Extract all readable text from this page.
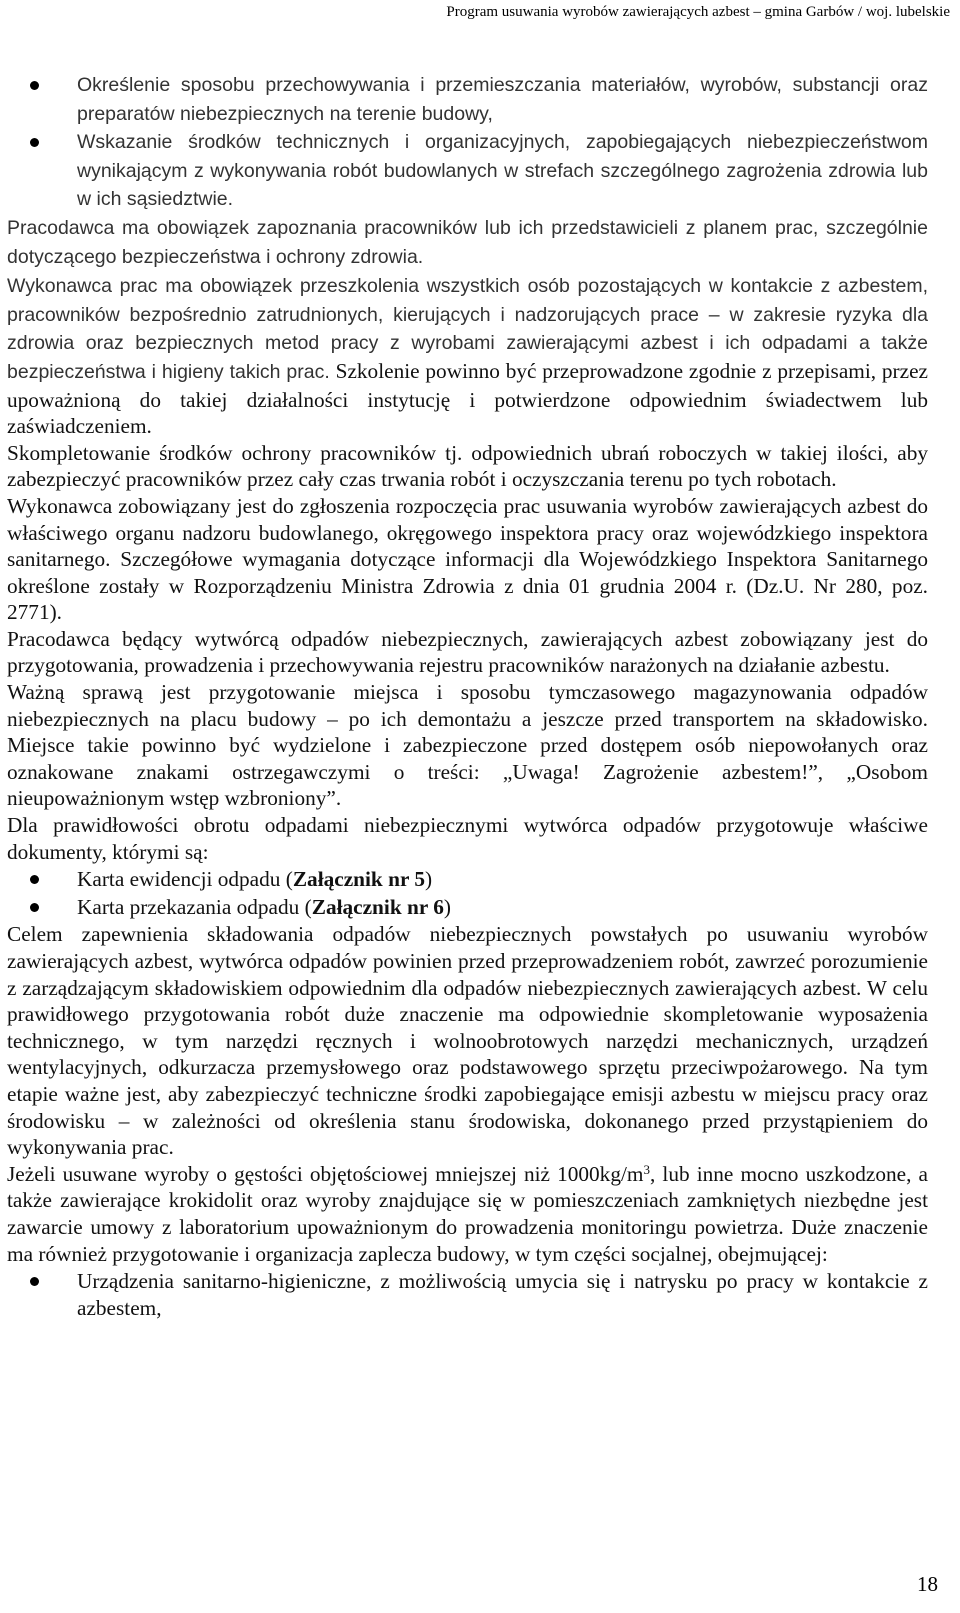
Program usuwania wyrobów zawierających azbest – gmina Garbów / woj. lubelskie
Określenie sposobu przechowywania i przemieszczania materiałów, wyrobów, substancji oraz preparatów niebezpiecznych na terenie budowy,
Wskazanie środków technicznych i organizacyjnych, zapobiegających niebezpieczeństwom wynikającym z wykonywania robót budowlanych w strefach szczególnego zagrożenia zdrowia lub w ich sąsiedztwie.

Pracodawca ma obowiązek zapoznania pracowników lub ich przedstawicieli z planem prac, szczególnie dotyczącego bezpieczeństwa i ochrony zdrowia.

Wykonawca prac ma obowiązek przeszkolenia wszystkich osób pozostających w kontakcie z azbestem, pracowników bezpośrednio zatrudnionych, kierujących i nadzorujących prace – w zakresie ryzyka dla zdrowia oraz bezpiecznych metod pracy z wyrobami zawierającymi azbest i ich odpadami a także bezpieczeństwa i higieny takich prac. Szkolenie powinno być przeprowadzone zgodnie z przepisami, przez upoważnioną do takiej działalności instytucję i potwierdzone odpowiednim świadectwem lub zaświadczeniem.

Skompletowanie środków ochrony pracowników tj. odpowiednich ubrań roboczych w takiej ilości, aby zabezpieczyć pracowników przez cały czas trwania robót i oczyszczania terenu po tych robotach.

Wykonawca zobowiązany jest do zgłoszenia rozpoczęcia prac usuwania wyrobów zawierających azbest do właściwego organu nadzoru budowlanego, okręgowego inspektora pracy oraz wojewódzkiego inspektora sanitarnego. Szczegółowe wymagania dotyczące informacji dla Wojewódzkiego Inspektora Sanitarnego określone zostały w Rozporządzeniu Ministra Zdrowia z dnia 01 grudnia 2004 r. (Dz.U. Nr 280, poz. 2771).

Pracodawca będący wytwórcą odpadów niebezpiecznych, zawierających azbest zobowiązany jest do przygotowania, prowadzenia i przechowywania rejestru pracowników narażonych na działanie azbestu.

Ważną sprawą jest przygotowanie miejsca i sposobu tymczasowego magazynowania odpadów niebezpiecznych na placu budowy – po ich demontażu a jeszcze przed transportem na składowisko. Miejsce takie powinno być wydzielone i zabezpieczone przed dostępem osób niepowołanych oraz oznakowane znakami ostrzegawczymi o treści: „Uwaga! Zagrożenie azbestem!”, „Osobom nieupoważnionym wstęp wzbroniony”.

Dla prawidłowości obrotu odpadami niebezpiecznymi wytwórca odpadów przygotowuje właściwe dokumenty, którymi są:

Karta ewidencji odpadu (Załącznik nr 5)
Karta przekazania odpadu (Załącznik nr 6)

Celem zapewnienia składowania odpadów niebezpiecznych powstałych po usuwaniu wyrobów zawierających azbest, wytwórca odpadów powinien przed przeprowadzeniem robót, zawrzeć porozumienie z zarządzającym składowiskiem odpowiednim dla odpadów niebezpiecznych zawierających azbest. W celu prawidłowego przygotowania robót duże znaczenie ma odpowiednie skompletowanie wyposażenia technicznego, w tym narzędzi ręcznych i wolnoobrotowych narzędzi mechanicznych, urządzeń wentylacyjnych, odkurzacza przemysłowego oraz podstawowego sprzętu przeciwpożarowego. Na tym etapie ważne jest, aby zabezpieczyć techniczne środki zapobiegające emisji azbestu w miejscu pracy oraz środowisku – w zależności od określenia stanu środowiska, dokonanego przed przystąpieniem do wykonywania prac.

Jeżeli usuwane wyroby o gęstości objętościowej mniejszej niż $1000kg/m^3$, lub inne mocno uszkodzone, a także zawierające krokidolit oraz wyroby znajdujące się w pomieszczeniach zamkniętych niezbędne jest zawarcie umowy z laboratorium upoważnionym do prowadzenia monitoringu powietrza. Duże znaczenie ma również przygotowanie i organizacja zaplecza budowy, w tym części socjalnej, obejmującej:

Urządzenia sanitarno-higieniczne, z możliwością umycia się i natrysku po pracy w kontakcie z azbestem,
18
